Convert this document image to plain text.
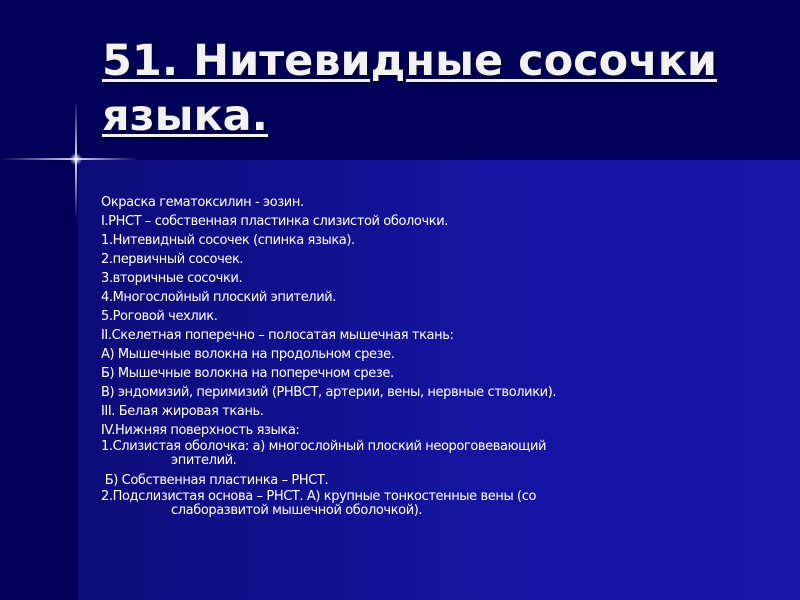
51. Нитевидные сосочки языка.
Окраска гематоксилин - эозин.
I.РНСТ – собственная пластинка слизистой оболочки.
1.Нитевидный сосочек (спинка языка).
2.первичный сосочек.
3.вторичные сосочки.
4.Многослойный плоский эпителий.
5.Роговой чехлик.
II.Скелетная поперечно – полосатая мышечная ткань:
А) Мышечные волокна на продольном срезе.
Б) Мышечные волокна на поперечном срезе.
В) эндомизий, перимизий (РНВСТ, артерии, вены, нервные стволики).
III. Белая жировая ткань.
IV.Нижняя поверхность языка:
1.Слизистая оболочка: а) многослойный плоский неороговевающий
эпителий.
Б) Собственная пластинка – РНСТ.
2.Подслизистая основа – РНСТ. А) крупные тонкостенные вены (со
слаборазвитой мышечной оболочкой).
